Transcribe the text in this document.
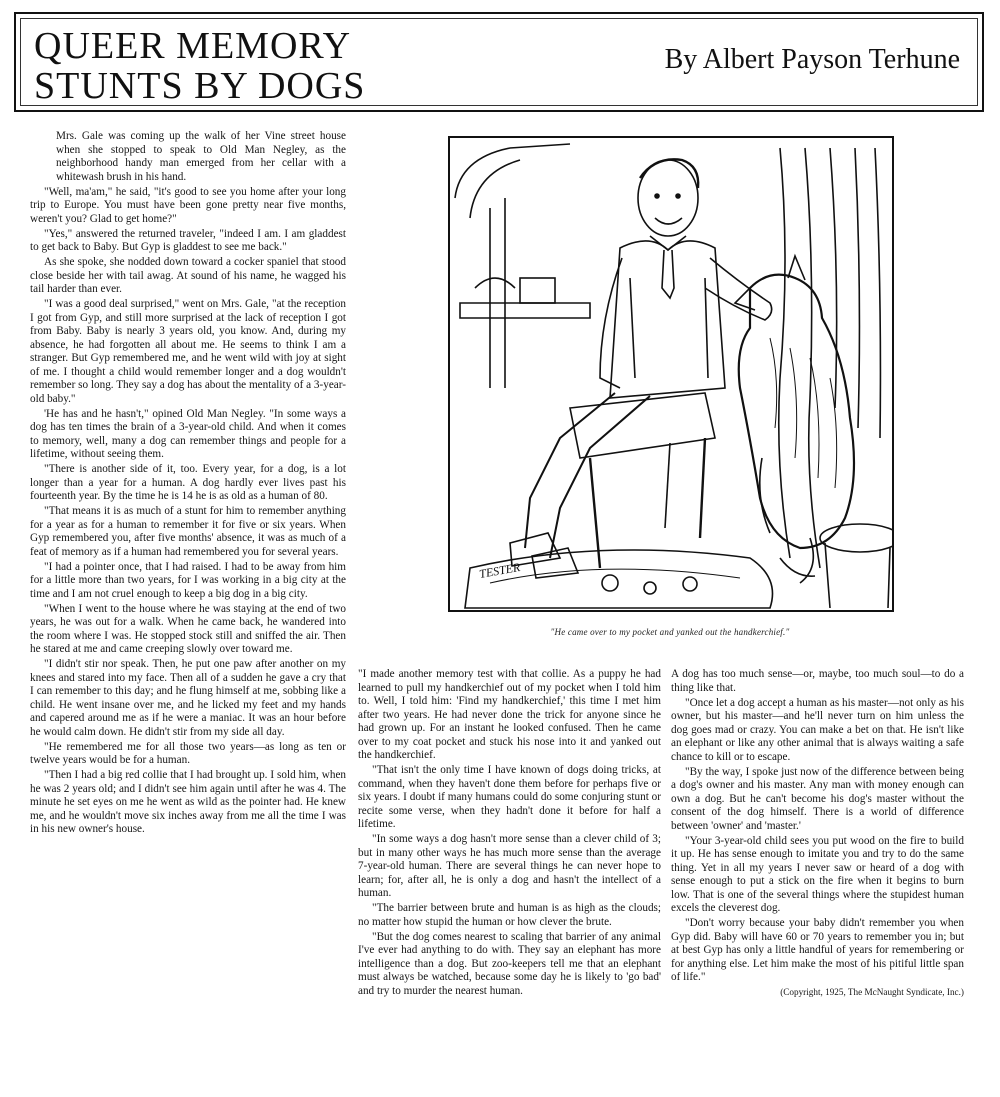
QUEER MEMORY
STUNTS BY DOGS

By Albert Payson Terhune

Mrs. Gale was coming up the walk of her Vine street house when she stopped to speak to Old Man Negley, as the neighborhood handy man emerged from her cellar with a whitewash brush in his hand.

"Well, ma'am," he said, "it's good to see you home after your long trip to Europe. You must have been gone pretty near five months, weren't you? Glad to get home?"

"Yes," answered the returned traveler, "indeed I am. I am gladdest to get back to Baby. But Gyp is gladdest to see me back."

As she spoke, she nodded down toward a cocker spaniel that stood close beside her with tail awag. At sound of his name, he wagged his tail harder than ever.

"I was a good deal surprised," went on Mrs. Gale, "at the reception I got from Gyp, and still more surprised at the lack of reception I got from Baby. Baby is nearly 3 years old, you know. And, during my absence, he had forgotten all about me. He seems to think I am a stranger. But Gyp remembered me, and he went wild with joy at sight of me. I thought a child would remember longer and a dog wouldn't remember so long. They say a dog has about the mentality of a 3-year-old baby."

'He has and he hasn't," opined Old Man Negley. "In some ways a dog has ten times the brain of a 3-year-old child. And when it comes to memory, well, many a dog can remember things and people for a lifetime, without seeing them.

"There is another side of it, too. Every year, for a dog, is a lot longer than a year for a human. A dog hardly ever lives past his fourteenth year. By the time he is 14 he is as old as a human of 80.

"That means it is as much of a stunt for him to remember anything for a year as for a human to remember it for five or six years. When Gyp remembered you, after five months' absence, it was as much of a feat of memory as if a human had remembered you for several years.

"I had a pointer once, that I had raised. I had to be away from him for a little more than two years, for I was working in a big city at the time and I am not cruel enough to keep a big dog in a big city.

"When I went to the house where he was staying at the end of two years, he was out for a walk. When he came back, he wandered into the room where I was. He stopped stock still and sniffed the air. Then he stared at me and came creeping slowly over toward me.

"I didn't stir nor speak. Then, he put one paw after another on my knees and stared into my face. Then all of a sudden he gave a cry that I can remember to this day; and he flung himself at me, sobbing like a child. He went insane over me, and he licked my feet and my hands and capered around me as if he were a maniac. It was an hour before he would calm down. He didn't stir from my side all day.

"He remembered me for all those two years—as long as ten or twelve years would be for a human.

"Then I had a big red collie that I had brought up. I sold him, when he was 2 years old; and I didn't see him again until after he was 4. The minute he set eyes on me he went as wild as the pointer had. He knew me, and he wouldn't move six inches away from me all the time I was in his new owner's house.

TESTER

"He came over to my pocket and yanked out the handkerchief."

"I made another memory test with that collie. As a puppy he had learned to pull my handkerchief out of my pocket when I told him to. Well, I told him: 'Find my handkerchief,' this time I met him after two years. He had never done the trick for anyone since he had grown up. For an instant he looked confused. Then he came over to my coat pocket and stuck his nose into it and yanked out the handkerchief.

"That isn't the only time I have known of dogs doing tricks, at command, when they haven't done them before for perhaps five or six years. I doubt if many humans could do some conjuring stunt or recite some verse, when they hadn't done it before for half a lifetime.

"In some ways a dog hasn't more sense than a clever child of 3; but in many other ways he has much more sense than the average 7-year-old human. There are several things he can never hope to learn; for, after all, he is only a dog and hasn't the intellect of a human.

"The barrier between brute and human is as high as the clouds; no matter how stupid the human or how clever the brute.

"But the dog comes nearest to scaling that barrier of any animal I've ever had anything to do with. They say an elephant has more intelligence than a dog. But zoo-keepers tell me that an elephant must always be watched, because some day he is likely to 'go bad' and try to murder the nearest human.

A dog has too much sense—or, maybe, too much soul—to do a thing like that.

"Once let a dog accept a human as his master—not only as his owner, but his master—and he'll never turn on him unless the dog goes mad or crazy. You can make a bet on that. He isn't like an elephant or like any other animal that is always waiting a safe chance to kill or to escape.

"By the way, I spoke just now of the difference between being a dog's owner and his master. Any man with money enough can own a dog. But he can't become his dog's master without the consent of the dog himself. There is a world of difference between 'owner' and 'master.'

"Your 3-year-old child sees you put wood on the fire to build it up. He has sense enough to imitate you and try to do the same thing. Yet in all my years I never saw or heard of a dog with sense enough to put a stick on the fire when it begins to burn low. That is one of the several things where the stupidest human excels the cleverest dog.

"Don't worry because your baby didn't remember you when Gyp did. Baby will have 60 or 70 years to remember you in; but at best Gyp has only a little handful of years for remembering or for anything else. Let him make the most of his pitiful little span of life."

(Copyright, 1925, The McNaught Syndicate, Inc.)
